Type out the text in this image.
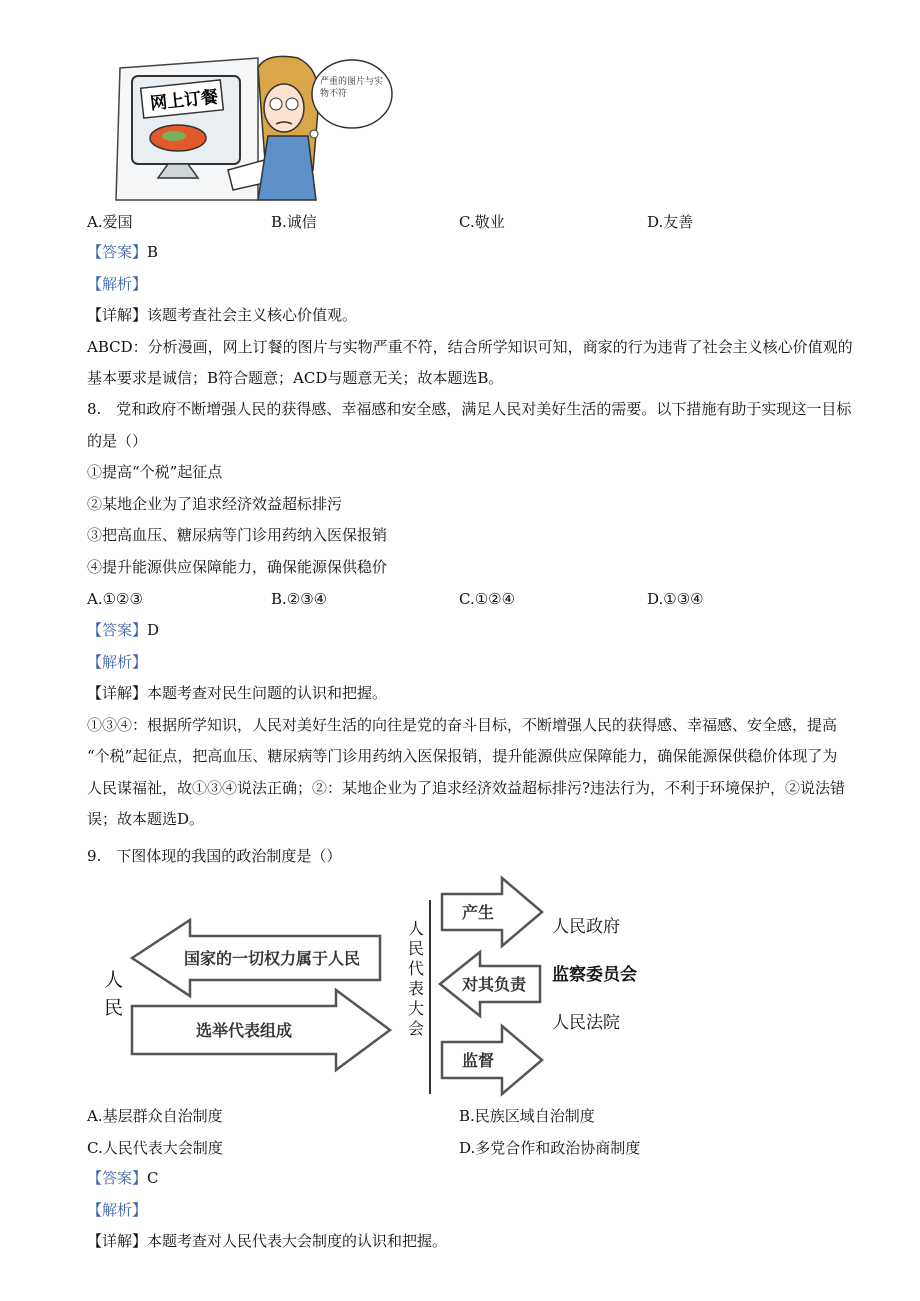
网上订餐
严重的图片与实物不符
A.爱国	B.诚信	C.敬业	D.友善
【答案】B
【解析】
【详解】该题考查社会主义核心价值观。
ABCD：分析漫画，网上订餐的图片与实物严重不符，结合所学知识可知，商家的行为违背了社会主义核心价值观的
基本要求是诚信；B符合题意；ACD与题意无关；故本题选B。
8.　党和政府不断增强人民的获得感、幸福感和安全感，满足人民对美好生活的需要。以下措施有助于实现这一目标
的是（）
①提高“个税”起征点
②某地企业为了追求经济效益超标排污
③把高血压、糖尿病等门诊用药纳入医保报销
④提升能源供应保障能力，确保能源保供稳价
A.①②③	B.②③④	C.①②④	D.①③④
【答案】D
【解析】
【详解】本题考查对民生问题的认识和把握。
①③④：根据所学知识，人民对美好生活的向往是党的奋斗目标，不断增强人民的获得感、幸福感、安全感，提高
“个税”起征点，把高血压、糖尿病等门诊用药纳入医保报销，提升能源供应保障能力，确保能源保供稳价体现了为
人民谋福祉，故①③④说法正确；②：某地企业为了追求经济效益超标排污?违法行为，不利于环境保护，②说法错
误；故本题选D。
9.　下图体现的我国的政治制度是（）
国家的一切权力属于人民
选举代表组成
人
民
人
民
代
表
大
会
产生
对其负责
监督
人民政府
监察委员会
人民法院
A.基层群众自治制度	B.民族区域自治制度
C.人民代表大会制度	D.多党合作和政治协商制度
【答案】C
【解析】
【详解】本题考查对人民代表大会制度的认识和把握。
